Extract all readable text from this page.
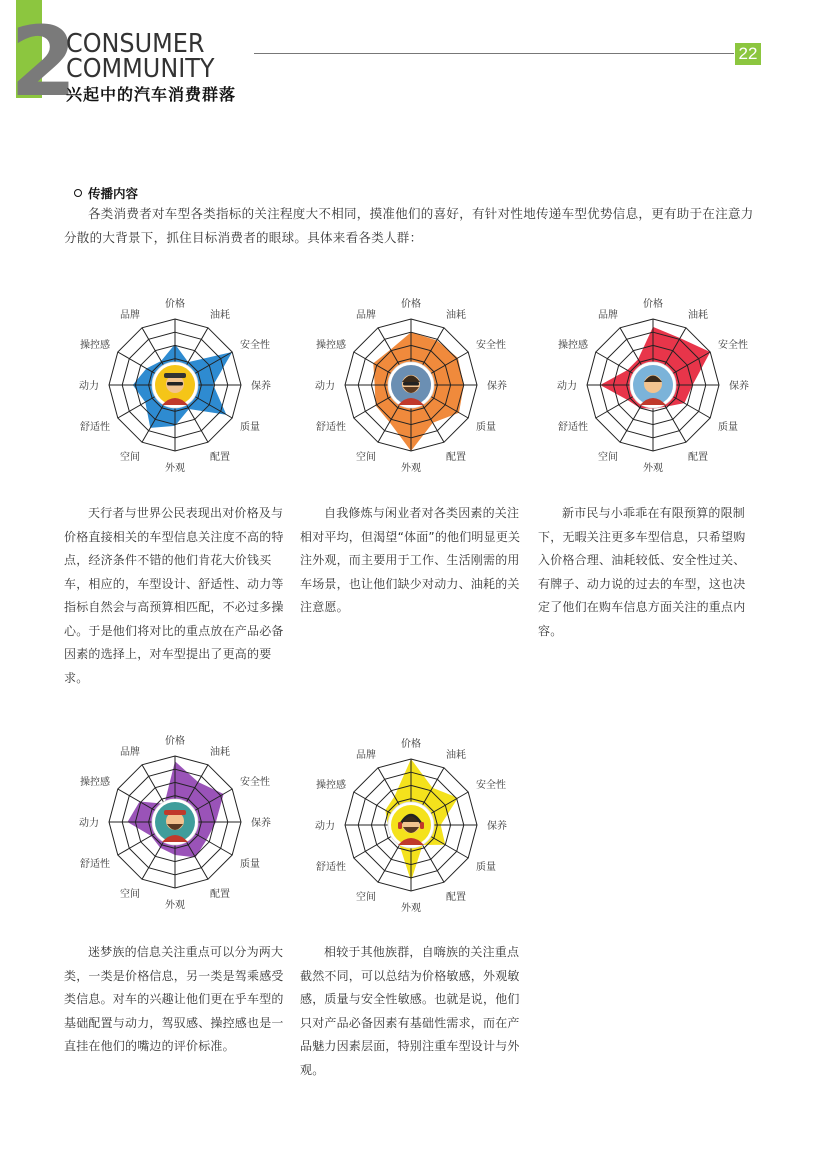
2
CONSUMER
COMMUNITY
兴起中的汽车消费群落
22
传播内容
各类消费者对车型各类指标的关注程度大不相同，摸准他们的喜好，有针对性地传递车型优势信息，更有助于在注意力分散的大背景下，抓住目标消费者的眼球。具体来看各类人群：
价格
油耗
安全性
保养
质量
配置
外观
空间
舒适性
动力
操控感
品牌
价格
油耗
安全性
保养
质量
配置
外观
空间
舒适性
动力
操控感
品牌
价格
油耗
安全性
保养
质量
配置
外观
空间
舒适性
动力
操控感
品牌
价格
油耗
安全性
保养
质量
配置
外观
空间
舒适性
动力
操控感
品牌
价格
油耗
安全性
保养
质量
配置
外观
空间
舒适性
动力
操控感
品牌
天行者与世界公民表现出对价格及与价格直接相关的车型信息关注度不高的特点，经济条件不错的他们肯花大价钱买车，相应的，车型设计、舒适性、动力等指标自然会与高预算相匹配，不必过多操心。于是他们将对比的重点放在产品必备因素的选择上，对车型提出了更高的要求。
自我修炼与闲业者对各类因素的关注相对平均，但渴望“体面”的他们明显更关注外观，而主要用于工作、生活刚需的用车场景，也让他们缺少对动力、油耗的关注意愿。
新市民与小乖乖在有限预算的限制下，无暇关注更多车型信息，只希望购入价格合理、油耗较低、安全性过关、有牌子、动力说的过去的车型，这也决定了他们在购车信息方面关注的重点内容。
迷梦族的信息关注重点可以分为两大类，一类是价格信息，另一类是驾乘感受类信息。对车的兴趣让他们更在乎车型的基础配置与动力，驾驭感、操控感也是一直挂在他们的嘴边的评价标准。
相较于其他族群，自嗨族的关注重点截然不同，可以总结为价格敏感，外观敏感，质量与安全性敏感。也就是说，他们只对产品必备因素有基础性需求，而在产品魅力因素层面，特别注重车型设计与外观。
